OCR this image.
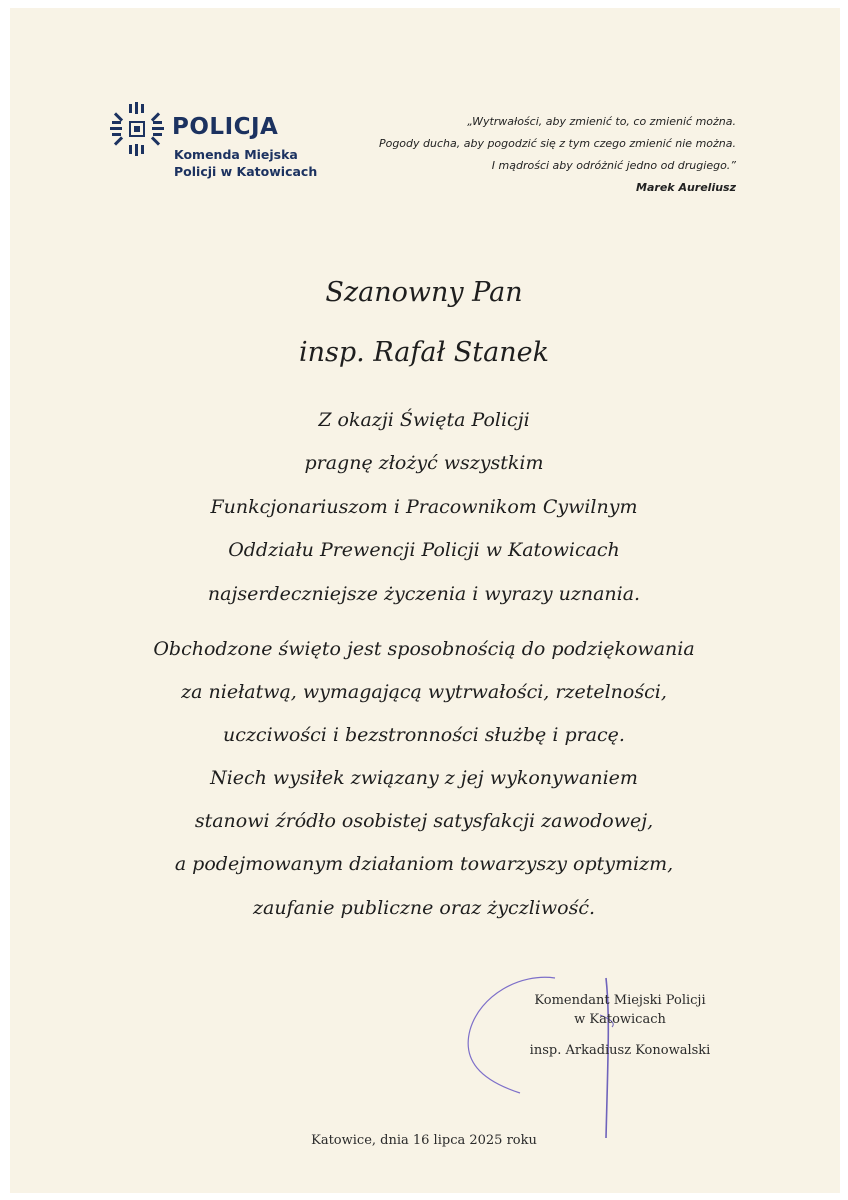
POLICJA
Komenda Miejska
Policji w Katowicach
„Wytrwałości, aby zmienić to, co zmienić można.
Pogody ducha, aby pogodzić się z tym czego zmienić nie można.
I mądrości aby odróżnić jedno od drugiego.”
Marek Aureliusz
Szanowny Pan
insp. Rafał Stanek
Z okazji Święta Policji
pragnę złożyć wszystkim
Funkcjonariuszom i Pracownikom Cywilnym
Oddziału Prewencji Policji w Katowicach
najserdeczniejsze życzenia i wyrazy uznania.
Obchodzone święto jest sposobnością do podziękowania
za niełatwą, wymagającą wytrwałości, rzetelności,
uczciwości i bezstronności służbę i pracę.
Niech wysiłek związany z jej wykonywaniem
stanowi źródło osobistej satysfakcji zawodowej,
a podejmowanym działaniom towarzyszy optymizm,
zaufanie publiczne oraz życzliwość.
Komendant Miejski Policji
w Katowicach
insp. Arkadiusz Konowalski
Katowice, dnia 16 lipca 2025 roku
